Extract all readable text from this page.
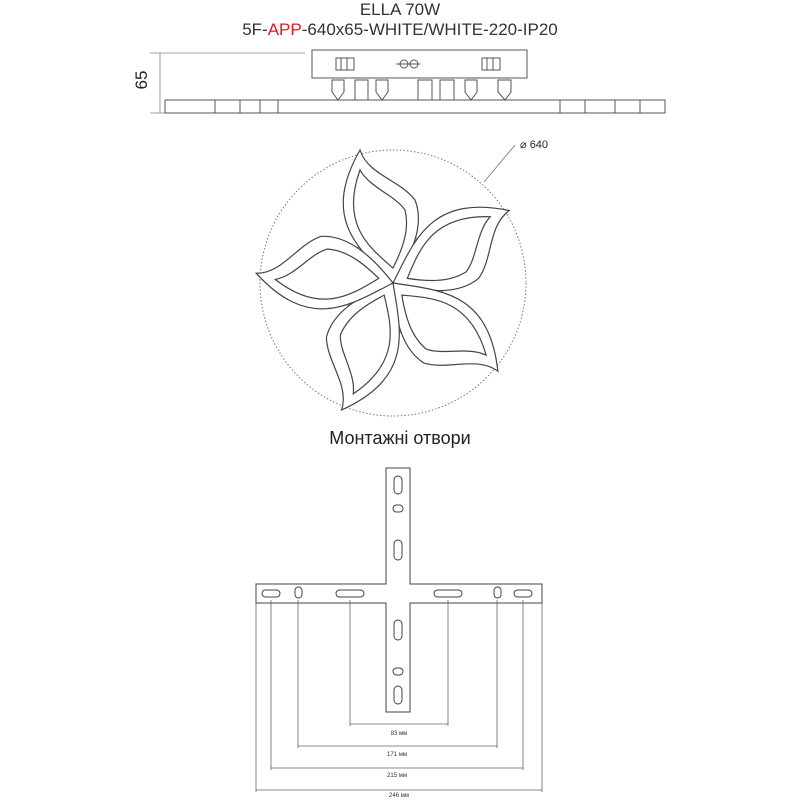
ELLA 70W
5F-APP-640x65-WHITE/WHITE-220-IP20
65
⌀ 640
Монтажні отвори
83 мм
171 мм
215 мм
246 мм
